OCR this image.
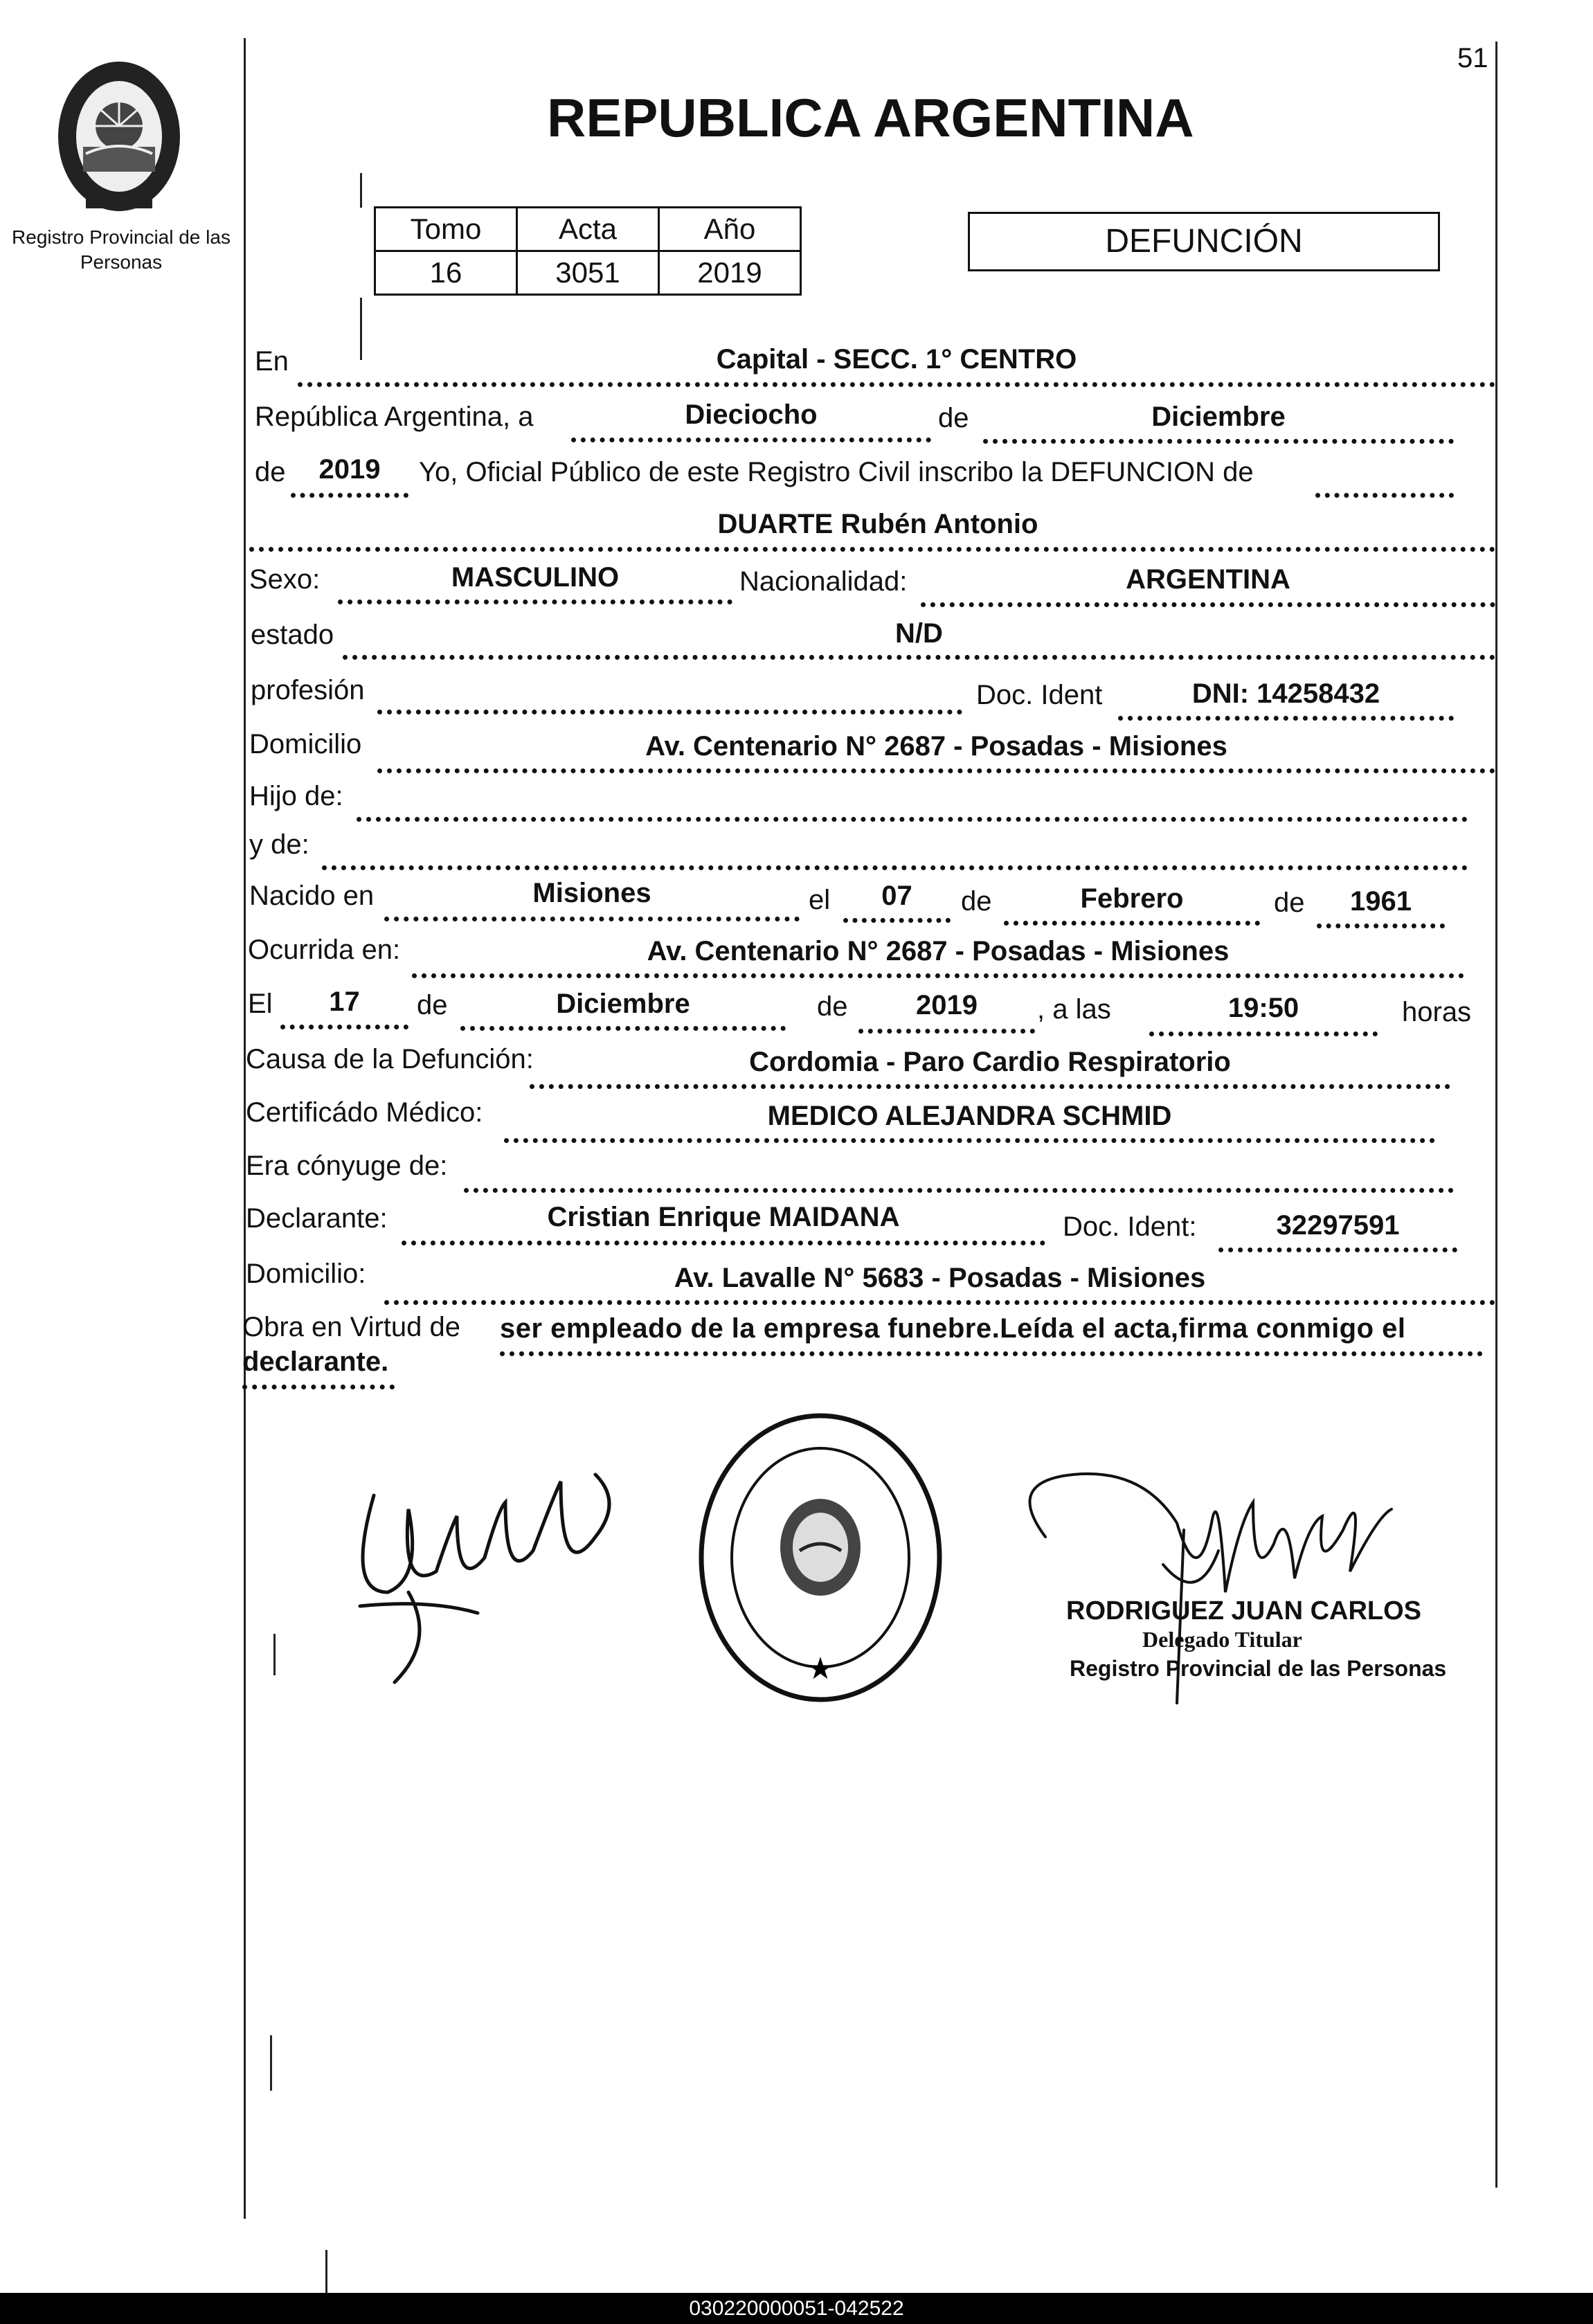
Registro Provincial de las Personas
51
REPUBLICA ARGENTINA
Tomo	Acta	Año
16	3051	2019
DEFUNCIÓN
En	Capital - SECC. 1° CENTRO
República Argentina, a	Dieciocho	de	Diciembre
de	2019	Yo, Oficial Público de este Registro Civil inscribo la DEFUNCION de
DUARTE Rubén Antonio
Sexo:	MASCULINO	Nacionalidad:	ARGENTINA
estado	N/D
profesión	Doc. Ident	DNI: 14258432
Domicilio	Av. Centenario N° 2687 - Posadas - Misiones
Hijo de:
y de:
Nacido en	Misiones	el	07	de	Febrero	de	1961
Ocurrida en:	Av. Centenario N° 2687 - Posadas - Misiones
El	17	de	Diciembre	de	2019	, a las	19:50	horas
Causa de la Defunción:	Cordomia - Paro Cardio Respiratorio
Certificádo Médico:	MEDICO ALEJANDRA SCHMID
Era cónyuge de:
Declarante:	Cristian Enrique MAIDANA	Doc. Ident:	32297591
Domicilio:	Av. Lavalle N° 5683 - Posadas - Misiones
Obra en Virtud de ser empleado de la empresa funebre.Leída el acta,firma conmigo el
declarante.
★
RODRIGUEZ JUAN CARLOS
Delegado Titular
Registro Provincial de las Personas
030220000051-042522
